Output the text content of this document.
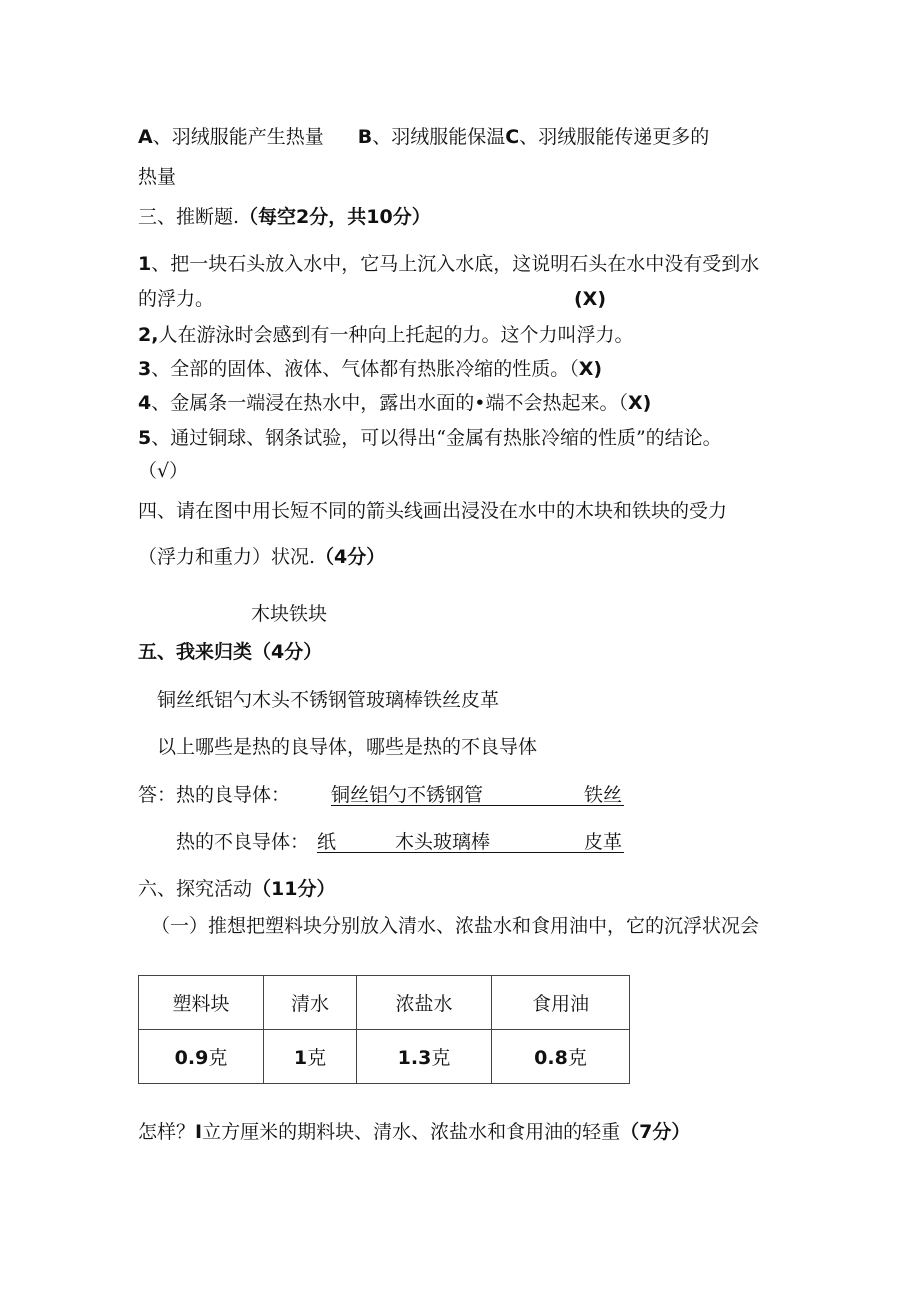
A、羽绒服能产生热量 B、羽绒服能保温C、羽绒服能传递更多的
热量
三、推断题.（每空2分，共10分）
1、把一块石头放入水中，它马上沉入水底，这说明石头在水中没有受到水
的浮力。	(X)
2,人在游泳时会感到有一种向上托起的力。这个力叫浮力。
3、全部的固体、液体、气体都有热胀冷缩的性质。（X)
4、金属条一端浸在热水中，露出水面的•端不会热起来。（X)
5、通过铜球、钢条试验，可以得出“金属有热胀冷缩的性质”的结论。
（√）
四、请在图中用长短不同的箭头线画出浸没在水中的木块和铁块的受力
（浮力和重力）状况.（4分）
木块铁块
五、我来归类（4分）
铜丝纸铝勺木头不锈钢管玻璃棒铁丝皮革
以上哪些是热的良导体，哪些是热的不良导体
答：热的良导体： 铜丝铝勺不锈钢管	铁丝
热的不良导体： 纸	木头玻璃棒	皮革
六、探究活动（11分）
（一）推想把塑料块分别放入清水、浓盐水和食用油中，它的沉浮状况会
塑料块	清水	浓盐水	食用油
0.9克	1克	1.3克	0.8克
怎样？I立方厘米的期料块、清水、浓盐水和食用油的轻重（7分）
